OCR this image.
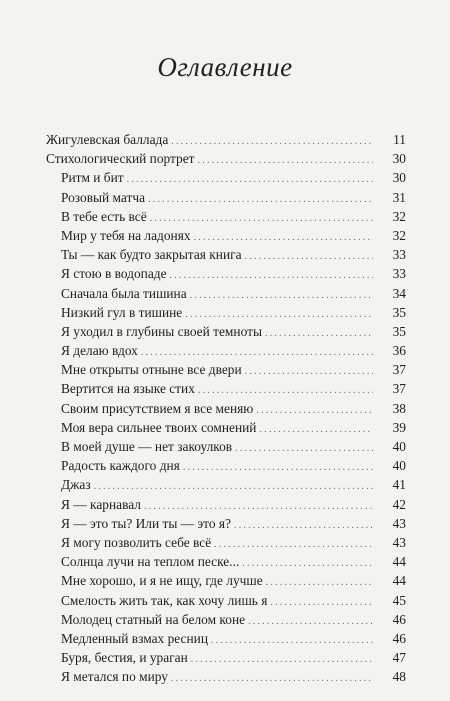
Оглавление
Жигулевская баллада .....	11
Стихологический портрет .....	30
Ритм и бит .....	30
Розовый матча .....	31
В тебе есть всё .....	32
Мир у тебя на ладонях .....	32
Ты — как будто закрытая книга .....	33
Я стою в водопаде .....	33
Сначала была тишина .....	34
Низкий гул в тишине .....	35
Я уходил в глубины своей темноты .....	35
Я делаю вдох .....	36
Мне открыты отныне все двери .....	37
Вертится на языке стих .....	37
Своим присутствием я все меняю .....	38
Моя вера сильнее твоих сомнений .....	39
В моей душе — нет закоулков .....	40
Радость каждого дня .....	40
Джаз .....	41
Я — карнавал .....	42
Я — это ты? Или ты — это я? .....	43
Я могу позволить себе всё .....	43
Солнца лучи на теплом песке... .....	44
Мне хорошо, и я не ищу, где лучше .....	44
Смелость жить так, как хочу лишь я .....	45
Молодец статный на белом коне .....	46
Медленный взмах ресниц .....	46
Буря, бестия, и ураган .....	47
Я метался по миру .....	48
